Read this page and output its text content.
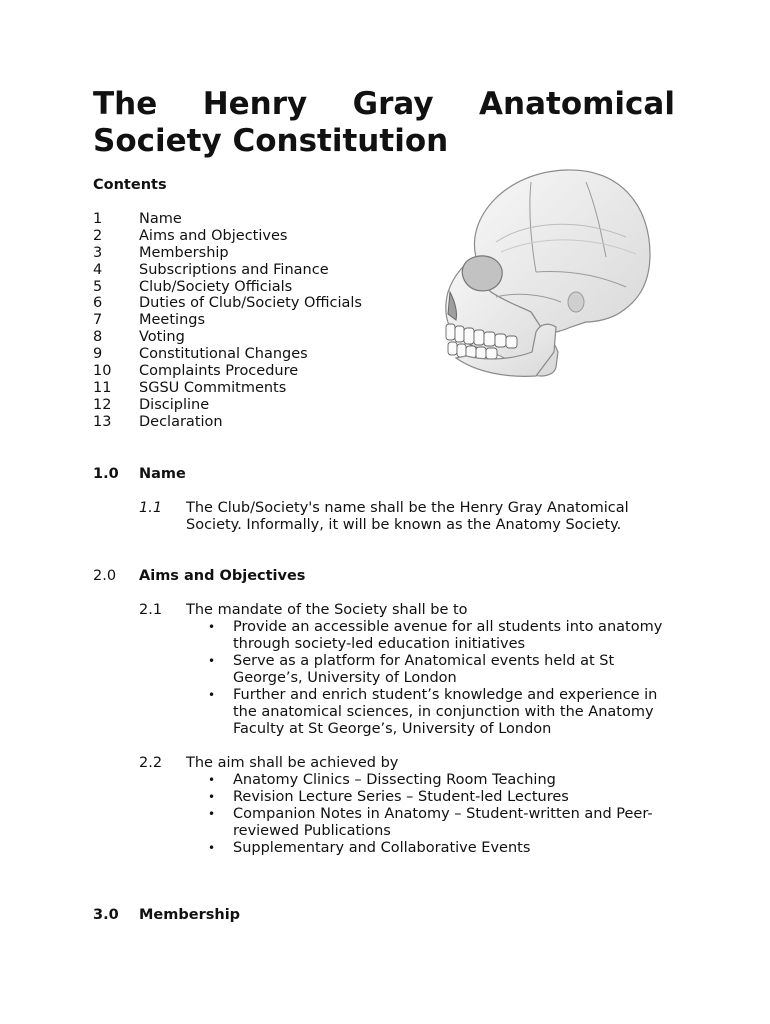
The Henry Gray Anatomical
Society Constitution
Contents
1	Name
2	Aims and Objectives
3	Membership
4	Subscriptions and Finance
5	Club/Society Officials
6	Duties of Club/Society Officials
7	Meetings
8	Voting
9	Constitutional Changes
10	Complaints Procedure
11	SGSU Commitments
12	Discipline
13	Declaration
1.0	Name
1.1	The Club/Society's name shall be the Henry Gray Anatomical Society. Informally, it will be known as the Anatomy Society.
2.0	Aims and Objectives
2.1	The mandate of the Society shall be to
•	Provide an accessible avenue for all students into anatomy through society-led education initiatives
•	Serve as a platform for Anatomical events held at St George’s, University of London
•	Further and enrich student’s knowledge and experience in the anatomical sciences, in conjunction with the Anatomy Faculty at St George’s, University of London
2.2	The aim shall be achieved by
•	Anatomy Clinics – Dissecting Room Teaching
•	Revision Lecture Series – Student-led Lectures
•	Companion Notes in Anatomy – Student-written and Peer-reviewed Publications
•	Supplementary and Collaborative Events
3.0	Membership
